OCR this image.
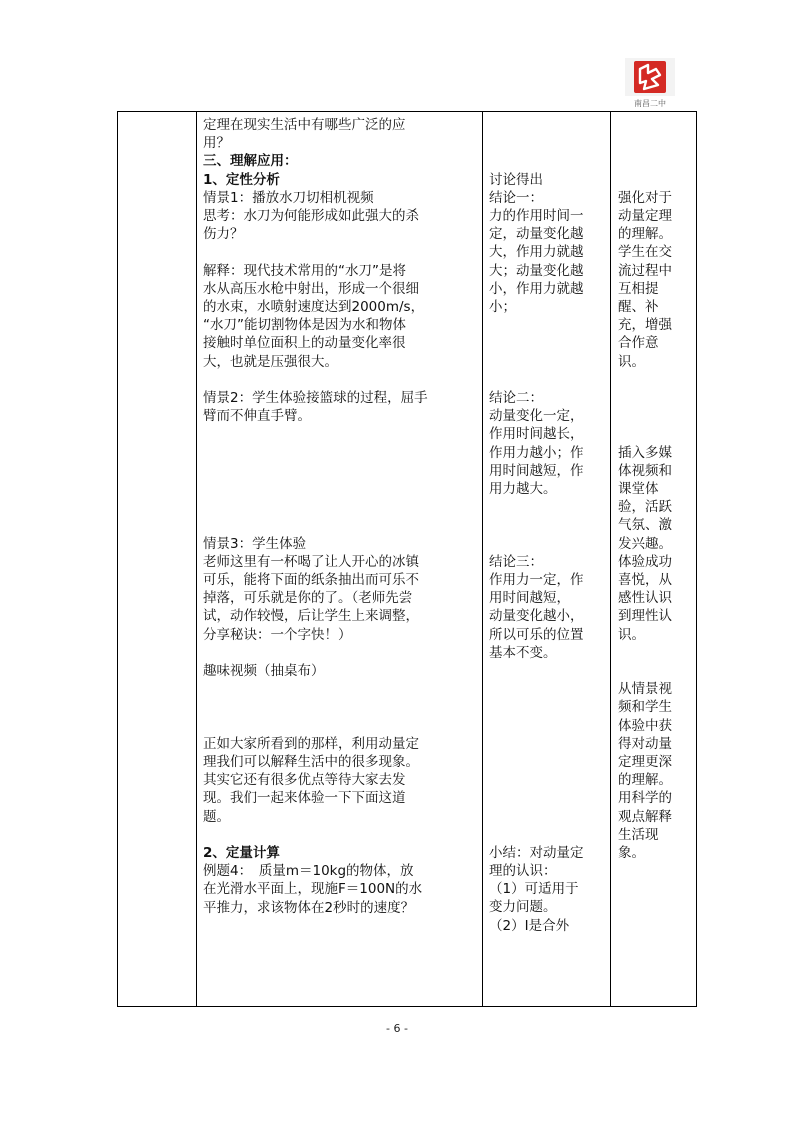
南昌二中
定理在现实生活中有哪些广泛的应
用？
三、理解应用：
1、定性分析
情景1：播放水刀切相机视频
思考：水刀为何能形成如此强大的杀
伤力？
解释：现代技术常用的“水刀”是将
水从高压水枪中射出，形成一个很细
的水束，水喷射速度达到2000m/s，
“水刀”能切割物体是因为水和物体
接触时单位面积上的动量变化率很
大，也就是压强很大。
情景2：学生体验接篮球的过程，屈手
臂而不伸直手臂。
情景3：学生体验
老师这里有一杯喝了让人开心的冰镇
可乐，能将下面的纸条抽出而可乐不
掉落，可乐就是你的了。（老师先尝
试，动作较慢，后让学生上来调整，
分享秘诀：一个字快！）
趣味视频（抽桌布）
正如大家所看到的那样，利用动量定
理我们可以解释生活中的很多现象。
其实它还有很多优点等待大家去发
现。我们一起来体验一下下面这道
题。
2、定量计算
例题4：　质量m＝10kg的物体，放
在光滑水平面上，现施F＝100N的水
平推力，求该物体在2秒时的速度？
讨论得出
结论一：
力的作用时间一
定，动量变化越
大，作用力就越
大；动量变化越
小，作用力就越
小；
结论二：
动量变化一定，
作用时间越长，
作用力越小；作
用时间越短，作
用力越大。
结论三：
作用力一定，作
用时间越短，
动量变化越小，
所以可乐的位置
基本不变。
小结：对动量定
理的认识：
（1）可适用于
变力问题。
（2）I是合外
强化对于
动量定理
的理解。
学生在交
流过程中
互相提
醒、补
充，增强
合作意
识。
插入多媒
体视频和
课堂体
验，活跃
气氛、激
发兴趣。
体验成功
喜悦，从
感性认识
到理性认
识。
从情景视
频和学生
体验中获
得对动量
定理更深
的理解。
用科学的
观点解释
生活现
象。
- 6 -
